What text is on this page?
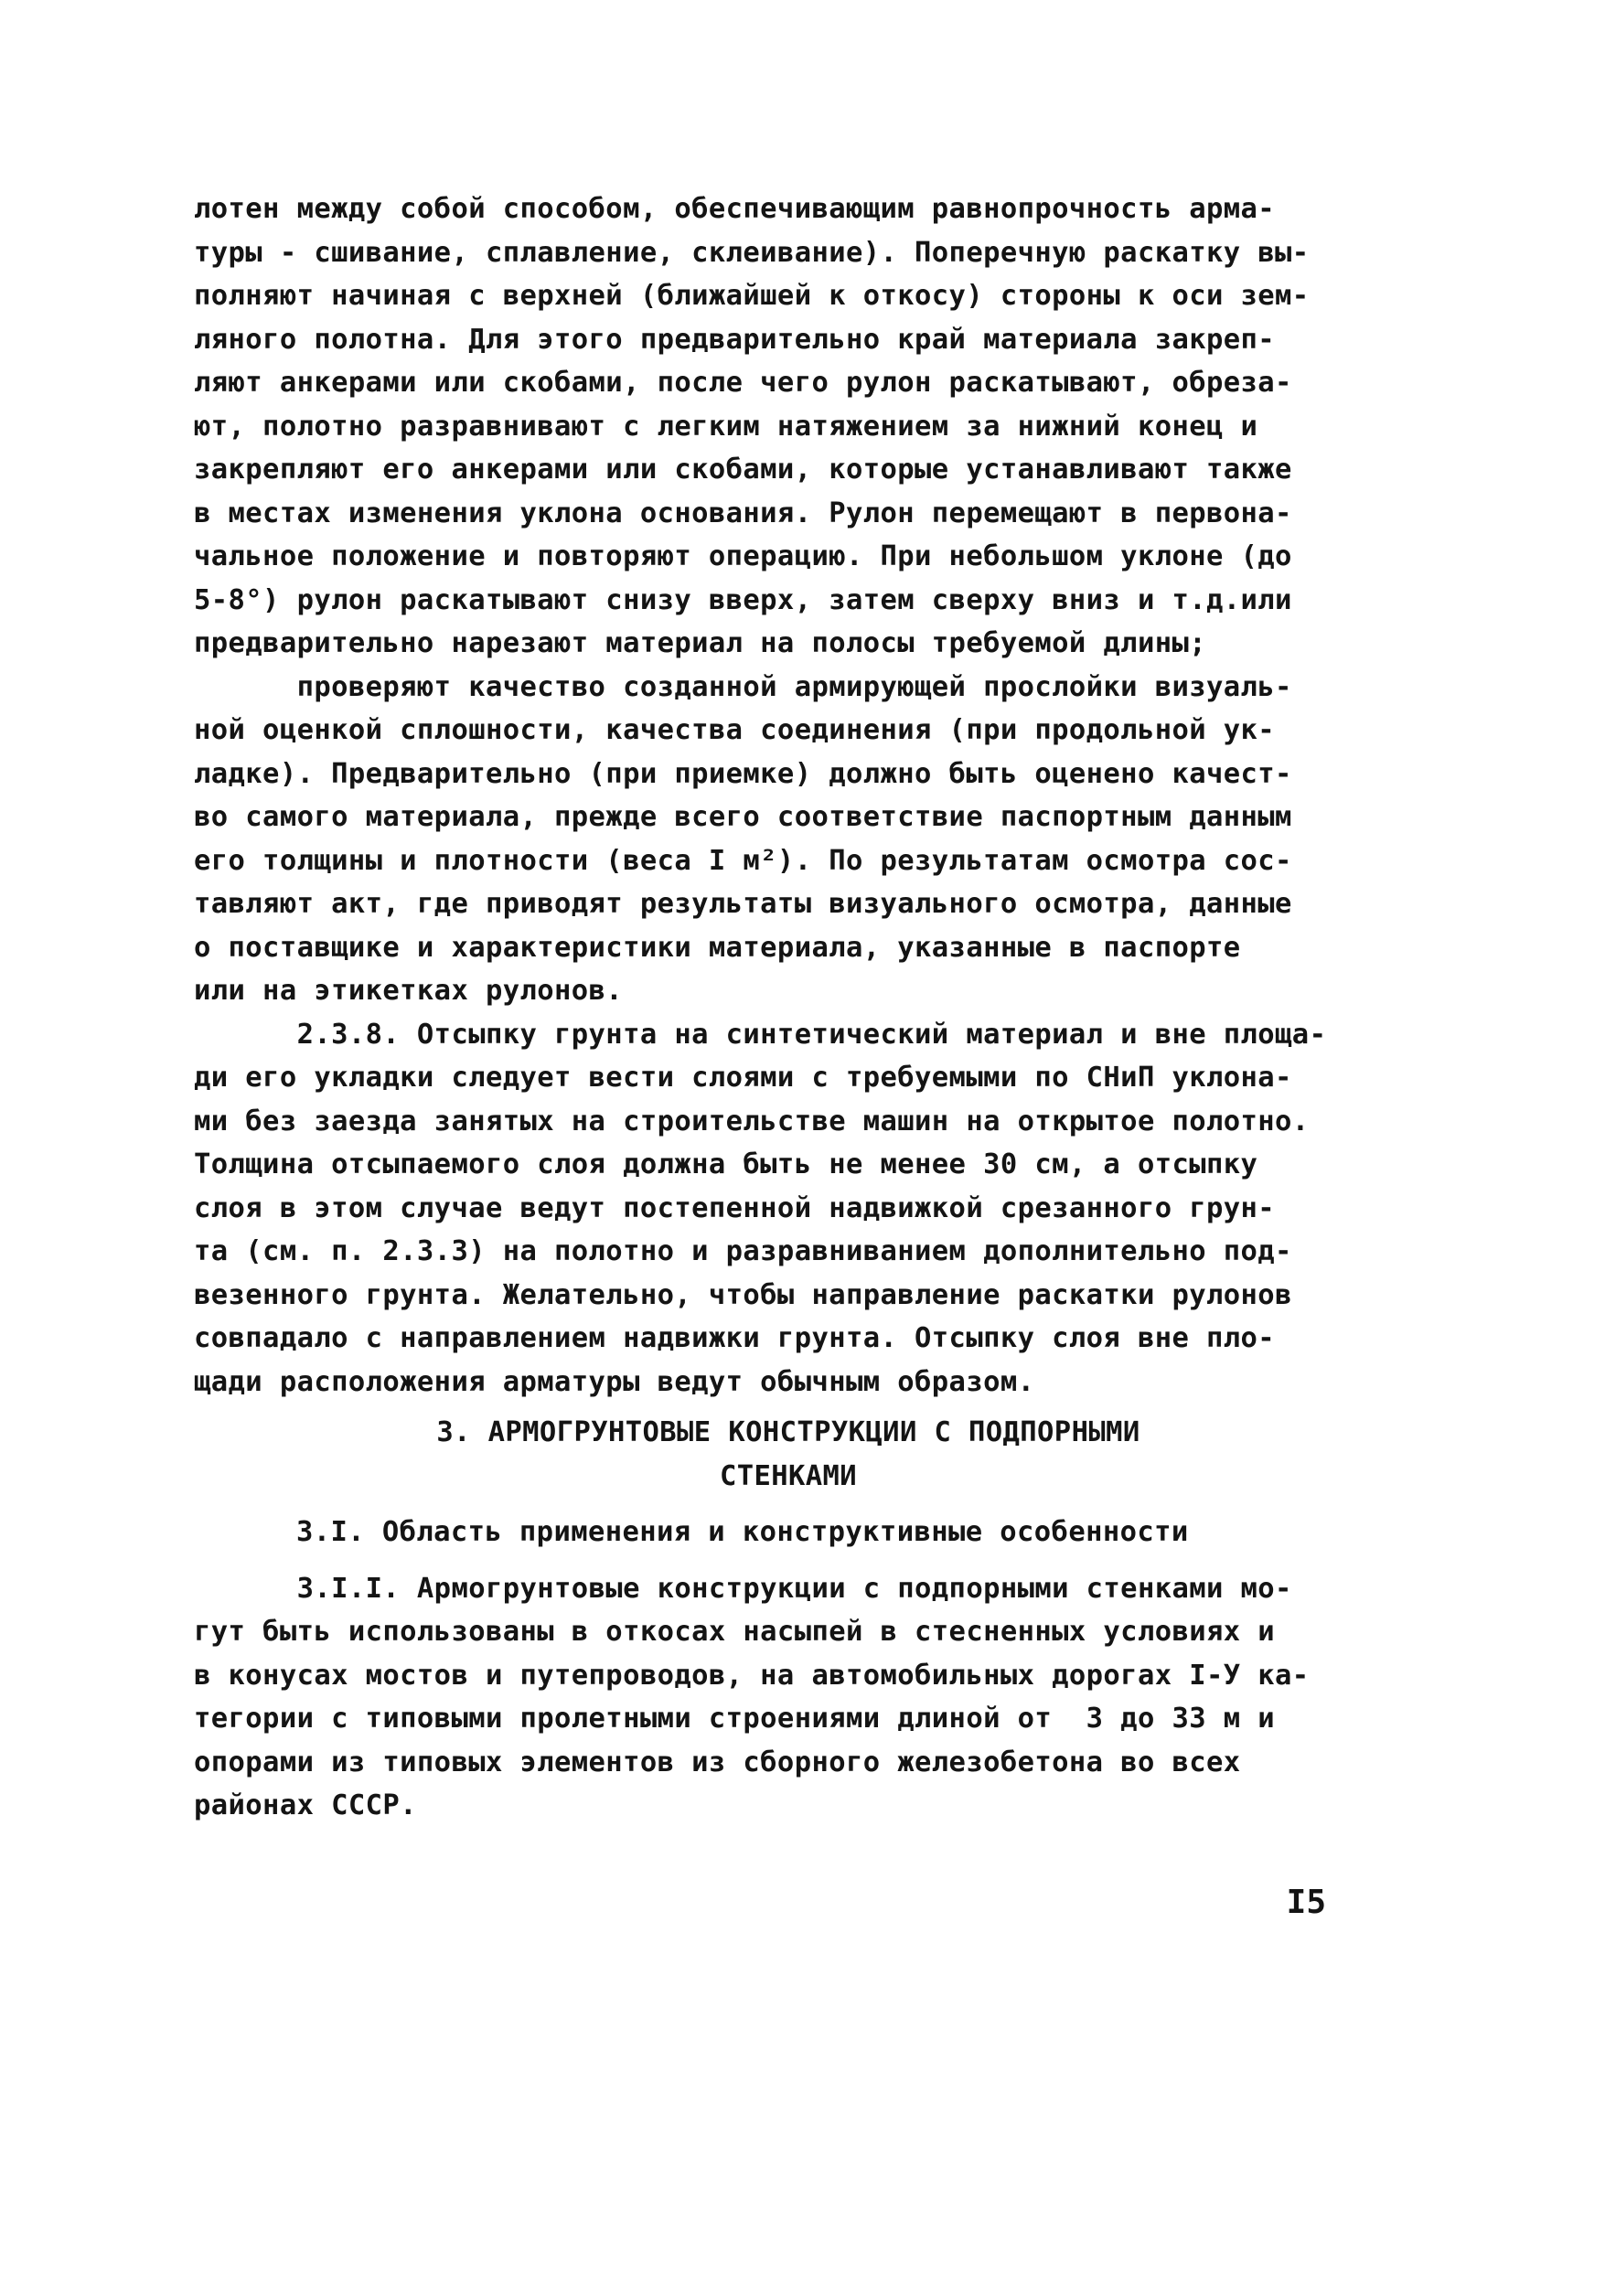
лотен между собой способом, обеспечивающим равнопрочность арма-
туры - сшивание, сплавление, склеивание). Поперечную раскатку вы-
полняют начиная с верхней (ближайшей к откосу) стороны к оси зем-
ляного полотна. Для этого предварительно край материала закреп-
ляют анкерами или скобами, после чего рулон раскатывают, обреза-
ют, полотно разравнивают с легким натяжением за нижний конец и
закрепляют его анкерами или скобами, которые устанавливают также
в местах изменения уклона основания. Рулон перемещают в первона-
чальное положение и повторяют операцию. При небольшом уклоне (до
5-8°) рулон раскатывают снизу вверх, затем сверху вниз и т.д.или
предварительно нарезают материал на полосы требуемой длины;

проверяют качество созданной армирующей прослойки визуаль-
ной оценкой сплошности, качества соединения (при продольной ук-
ладке). Предварительно (при приемке) должно быть оценено качест-
во самого материала, прежде всего соответствие паспортным данным
его толщины и плотности (веса I м²). По результатам осмотра сос-
тавляют акт, где приводят результаты визуального осмотра, данные
о поставщике и характеристики материала, указанные в паспорте
или на этикетках рулонов.

2.3.8. Отсыпку грунта на синтетический материал и вне площа-
ди его укладки следует вести слоями с требуемыми по СНиП уклона-
ми без заезда занятых на строительстве машин на открытое полотно.
Толщина отсыпаемого слоя должна быть не менее 30 см, а отсыпку
слоя в этом случае ведут постепенной надвижкой срезанного грун-
та (см. п. 2.3.3) на полотно и разравниванием дополнительно под-
везенного грунта. Желательно, чтобы направление раскатки рулонов
совпадало с направлением надвижки грунта. Отсыпку слоя вне пло-
щади расположения арматуры ведут обычным образом.

3. АРМОГРУНТОВЫЕ КОНСТРУКЦИИ С ПОДПОРНЫМИ
СТЕНКАМИ

3.I. Область применения и конструктивные особенности

3.I.I. Армогрунтовые конструкции с подпорными стенками мо-
гут быть использованы в откосах насыпей в стесненных условиях и
в конусах мостов и путепроводов, на автомобильных дорогах I-У ка-
тегории с типовыми пролетными строениями длиной от  3 до 33 м и
опорами из типовых элементов из сборного железобетона во всех
районах СССР.

I5
